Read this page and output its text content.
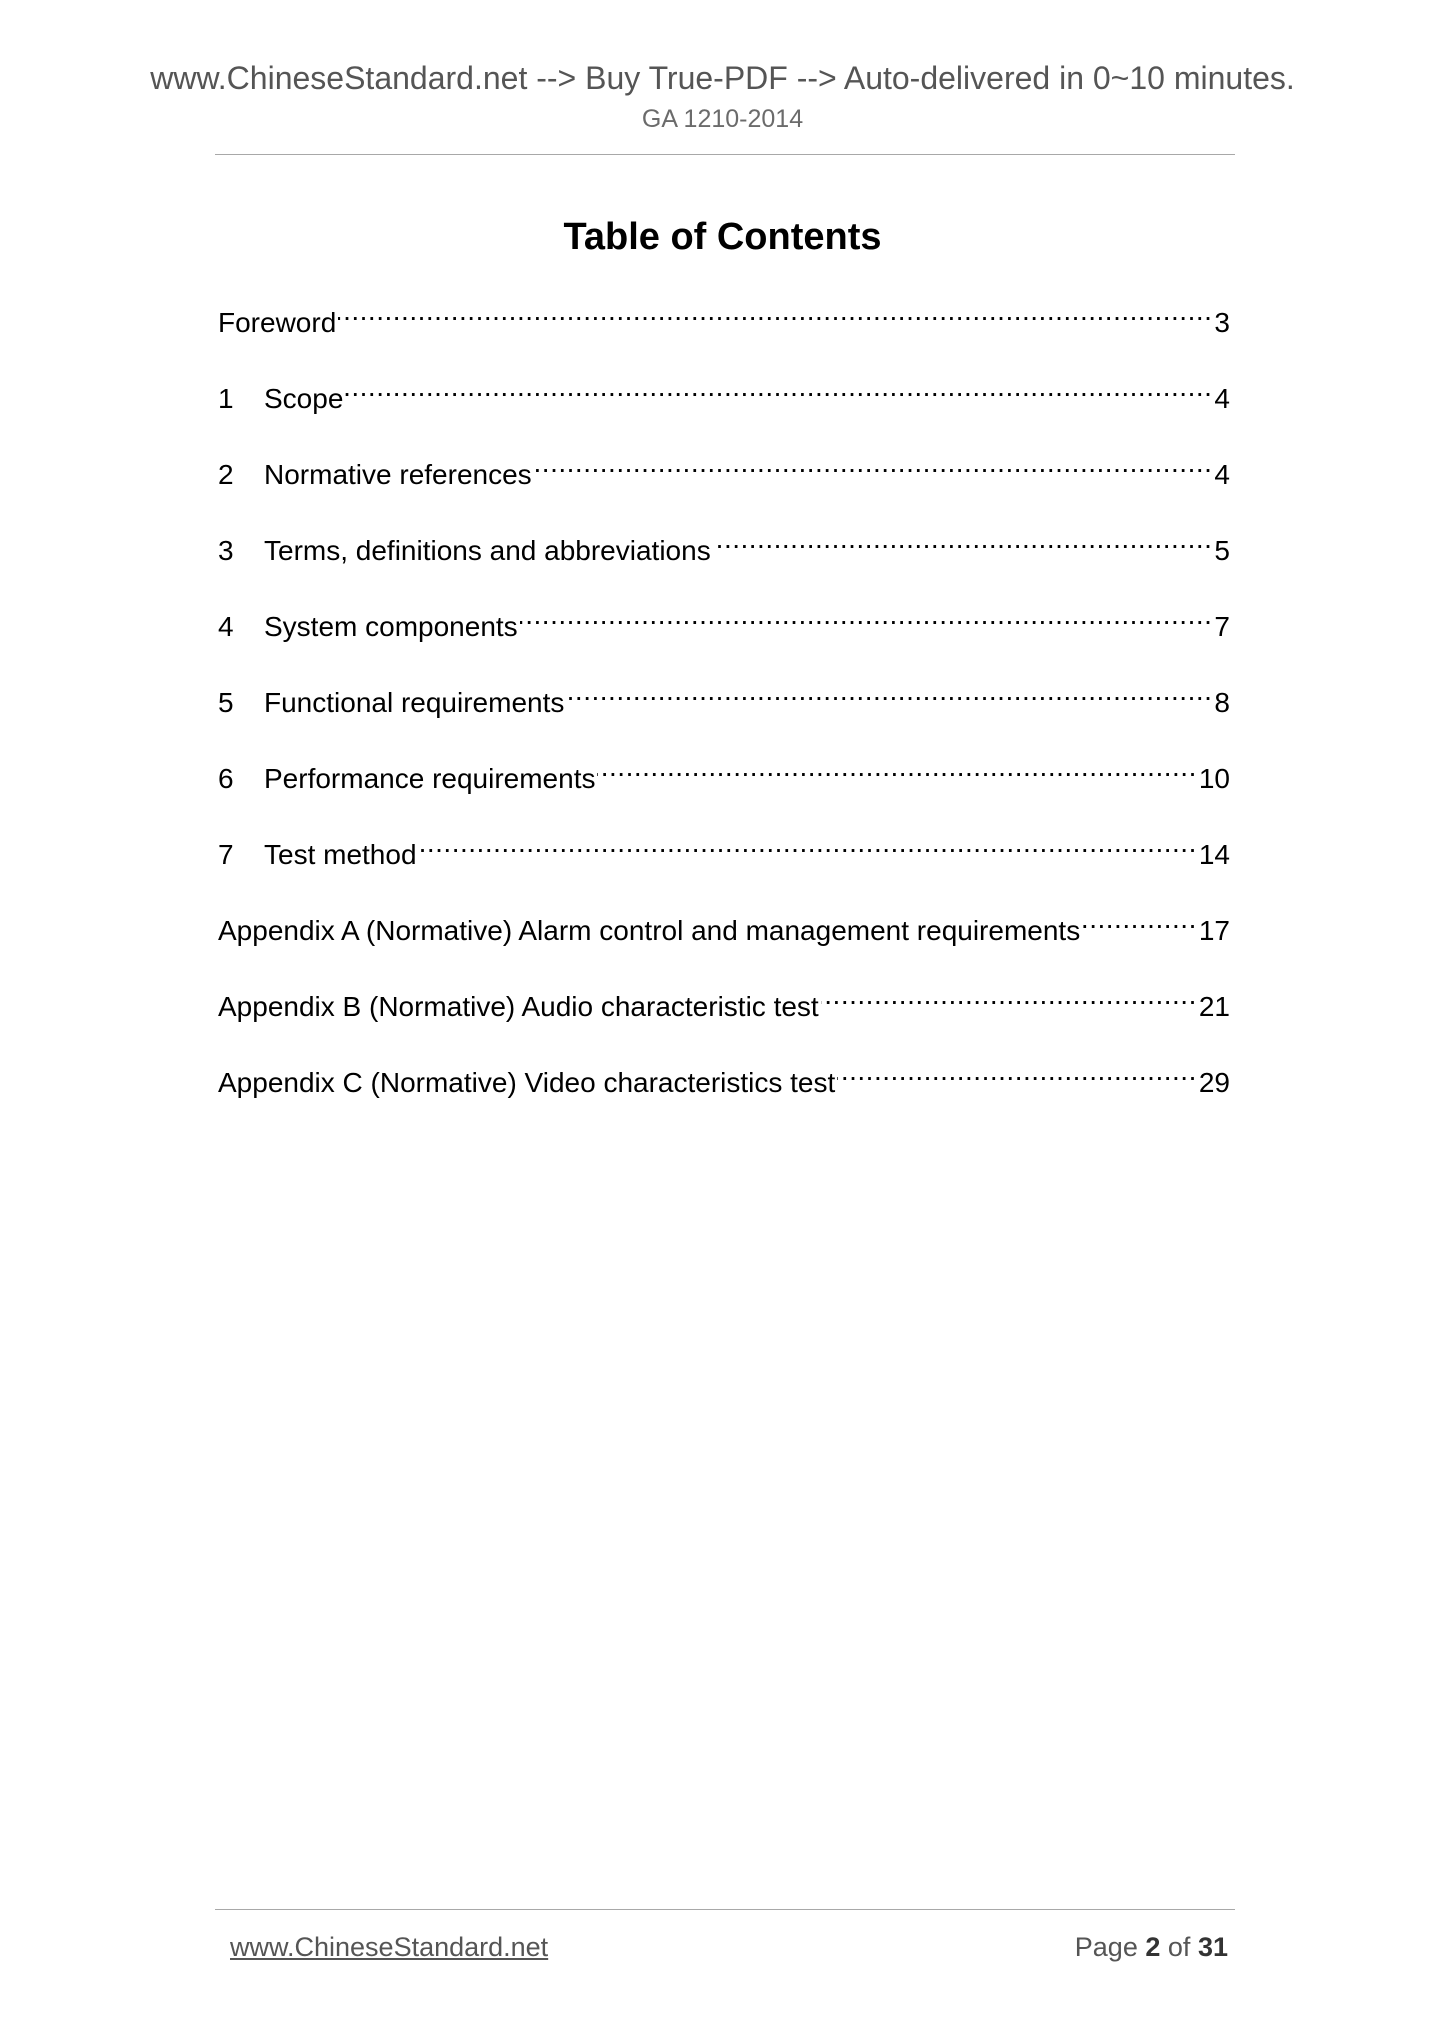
www.ChineseStandard.net --> Buy True-PDF --> Auto-delivered in 0~10 minutes.
GA 1210-2014
Table of Contents
Foreword .....	3
1	Scope .....	4
2	Normative references .....	4
3	Terms, definitions and abbreviations .....	5
4	System components .....	7
5	Functional requirements .....	8
6	Performance requirements .....	10
7	Test method .....	14
Appendix A (Normative) Alarm control and management requirements .....	17
Appendix B (Normative) Audio characteristic test .....	21
Appendix C (Normative) Video characteristics test .....	29
www.ChineseStandard.net	Page 2 of 31
